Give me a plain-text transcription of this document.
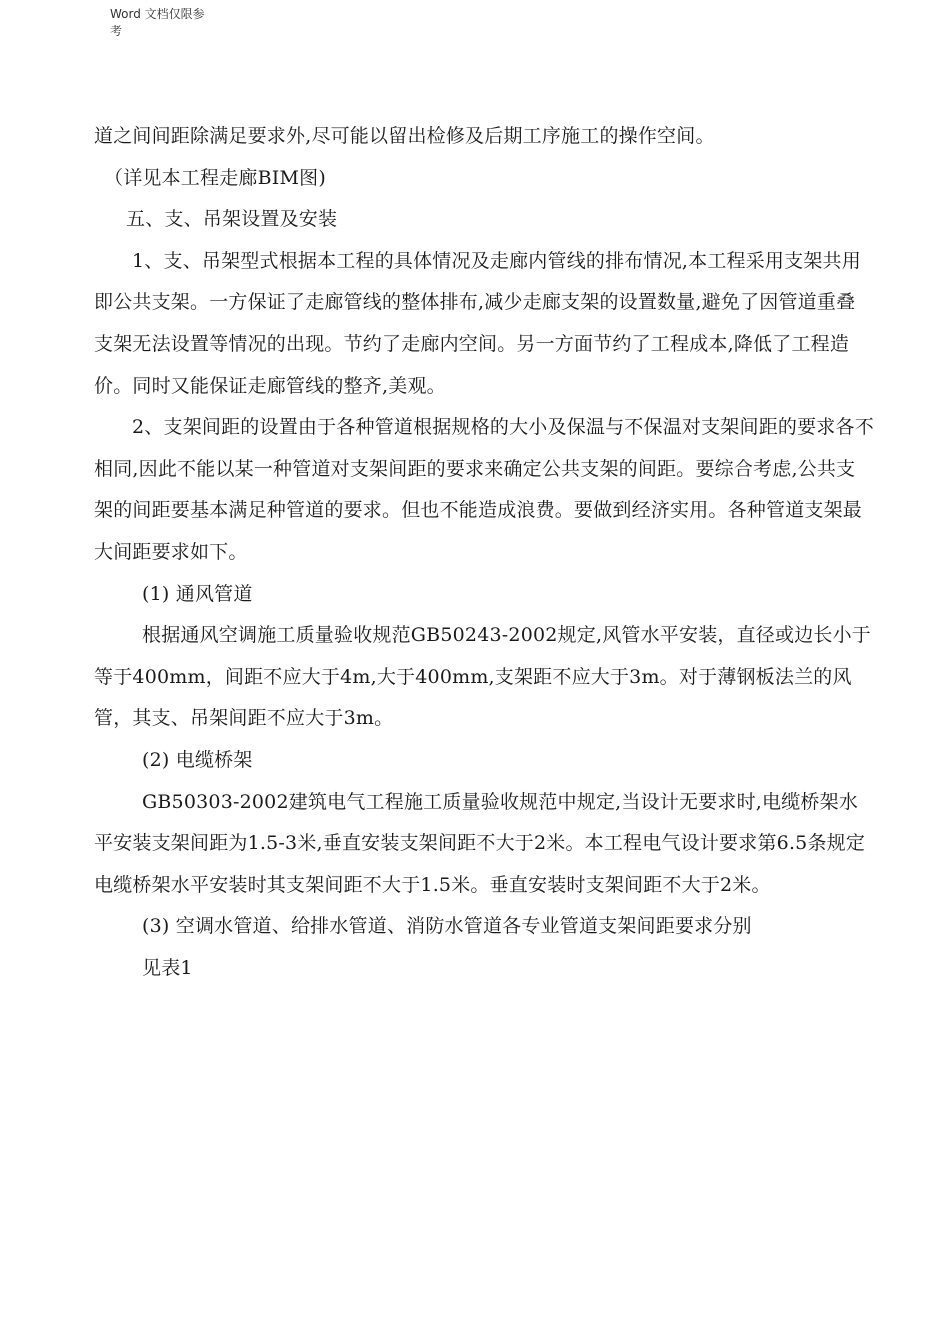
Word 文档仅限参
考

道之间间距除满足要求外,尽可能以留出检修及后期工序施工的操作空间。

（详见本工程走廊BIM图)

五、支、吊架设置及安装

1、支、吊架型式根据本工程的具体情况及走廊内管线的排布情况,本工程采用支架共用即公共支架。一方保证了走廊管线的整体排布,减少走廊支架的设置数量,避免了因管道重叠支架无法设置等情况的出现。节约了走廊内空间。另一方面节约了工程成本,降低了工程造价。同时又能保证走廊管线的整齐,美观。

2、支架间距的设置由于各种管道根据规格的大小及保温与不保温对支架间距的要求各不相同,因此不能以某一种管道对支架间距的要求来确定公共支架的间距。要综合考虑,公共支架的间距要基本满足种管道的要求。但也不能造成浪费。要做到经济实用。各种管道支架最大间距要求如下。

(1) 通风管道

根据通风空调施工质量验收规范GB50243-2002规定,风管水平安装，直径或边长小于等于400mm，间距不应大于4m,大于400mm,支架距不应大于3m。对于薄钢板法兰的风管，其支、吊架间距不应大于3m。

(2) 电缆桥架

GB50303-2002建筑电气工程施工质量验收规范中规定,当设计无要求时,电缆桥架水平安装支架间距为1.5-3米,垂直安装支架间距不大于2米。本工程电气设计要求第6.5条规定电缆桥架水平安装时其支架间距不大于1.5米。垂直安装时支架间距不大于2米。

(3) 空调水管道、给排水管道、消防水管道各专业管道支架间距要求分别

见表1
